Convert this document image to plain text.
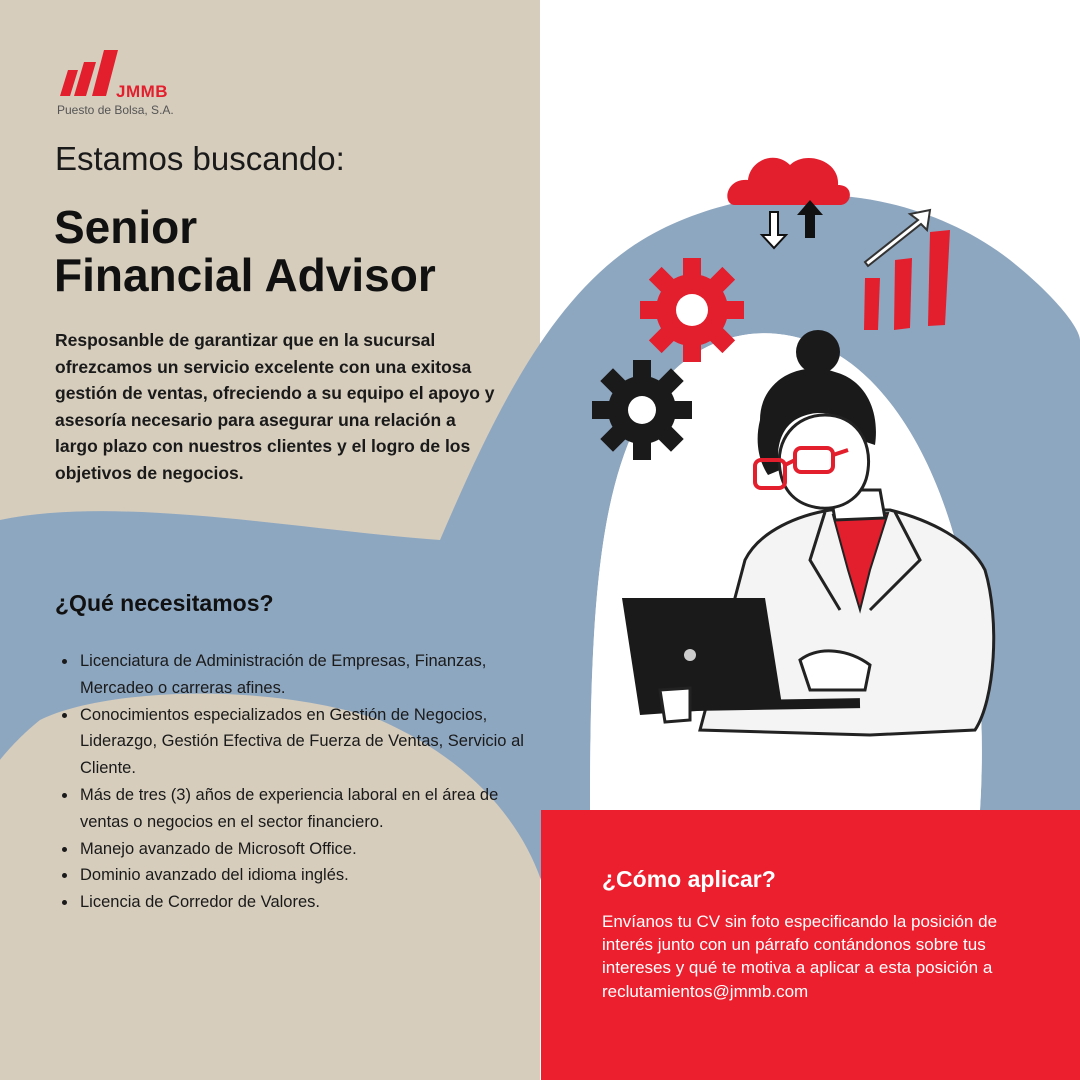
JMMB
Puesto de Bolsa, S.A.
Estamos buscando:
Senior
Financial Advisor

Resposanble de garantizar que en la sucursal ofrezcamos un servicio excelente con una exitosa gestión de ventas, ofreciendo a su equipo el apoyo y asesoría necesario para asegurar una relación a largo plazo con nuestros clientes y el logro de los objetivos de negocios.

¿Qué necesitamos?
• Licenciatura de Administración de Empresas, Finanzas, Mercadeo o carreras afines.
• Conocimientos especializados en Gestión de Negocios, Liderazgo, Gestión Efectiva de Fuerza de Ventas, Servicio al Cliente.
• Más de tres (3) años de experiencia laboral en el área de ventas o negocios en el sector financiero.
• Manejo avanzado de Microsoft Office.
• Dominio avanzado del idioma inglés.
• Licencia de Corredor de Valores.
¿Cómo aplicar?

Envíanos tu CV sin foto especificando la posición de interés junto con un párrafo contándonos sobre tus intereses y qué te motiva a aplicar a esta posición a reclutamientos@jmmb.com
